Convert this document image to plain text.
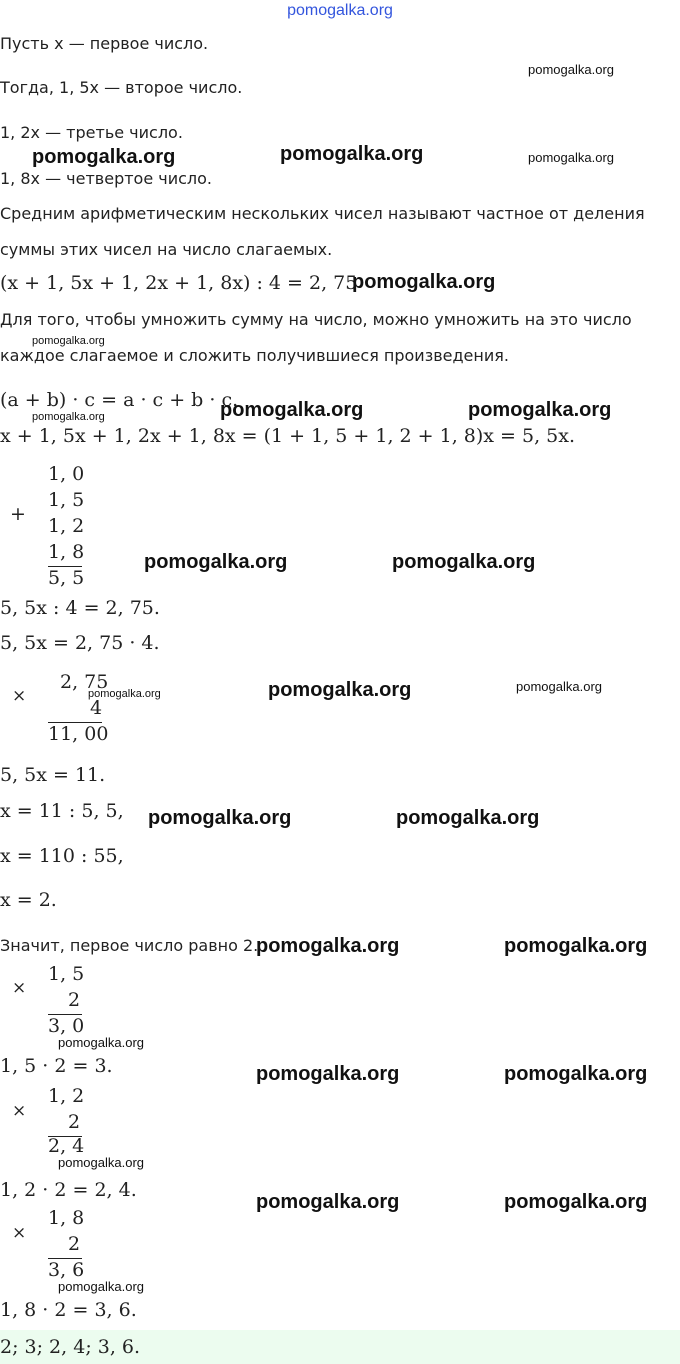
pomogalka.org
Пусть x — первое число.
Тогда, 1, 5x — второе число.
1, 2x — третье число.
1, 8x — четвертое число.
Средним арифметическим нескольких чисел называют частное от деления
суммы этих чисел на число слагаемых.
(x + 1, 5x + 1, 2x + 1, 8x) : 4 = 2, 75
Для того, чтобы умножить сумму на число, можно умножить на это число
каждое слагаемое и сложить получившиеся произведения.
(a + b) · c = a · c + b · c.
x + 1, 5x + 1, 2x + 1, 8x = (1 + 1, 5 + 1, 2 + 1, 8)x = 5, 5x.
+
1, 0
1, 5
1, 2
1, 8
5, 5
5, 5x : 4 = 2, 75.
5, 5x = 2, 75 · 4.
×
2, 75
4
11, 00
5, 5x = 11.
x = 11 : 5, 5,
x = 110 : 55,
x = 2.
Значит, первое число равно 2.
×
1, 5
2
3, 0
1, 5 · 2 = 3.
×
1, 2
2
2, 4
1, 2 · 2 = 2, 4.
×
1, 8
2
3, 6
1, 8 · 2 = 3, 6.
2; 3; 2, 4; 3, 6.
pomogalka.org
pomogalka.org	pomogalka.org	pomogalka.org
pomogalka.org
pomogalka.org
pomogalka.org	pomogalka.org
pomogalka.org
pomogalka.org	pomogalka.org
pomogalka.org	pomogalka.org
pomogalka.org
pomogalka.org	pomogalka.org
pomogalka.org	pomogalka.org
pomogalka.org
pomogalka.org	pomogalka.org
pomogalka.org
pomogalka.org	pomogalka.org
pomogalka.org
